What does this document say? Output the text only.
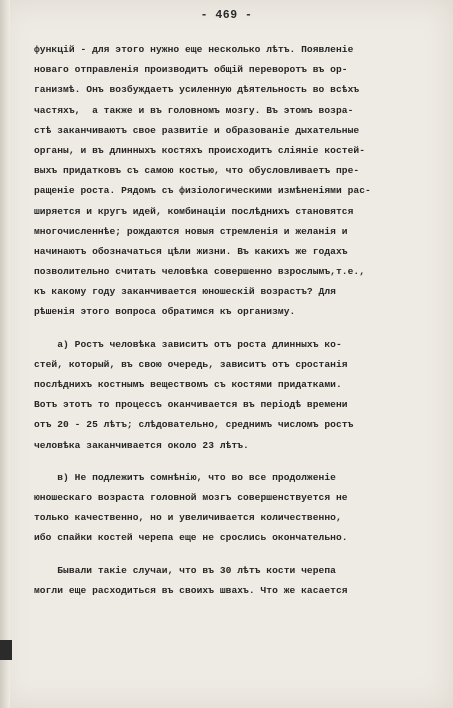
- 469 -
функцій - для этого нужно еще несколько лѣтъ. Появленіе
новаго отправленія производитъ общій переворотъ въ ор-
ганизмѣ. Онъ возбуждаетъ усиленную дѣятельность во всѣхъ
частяхъ,  а также и въ головномъ мозгу. Въ этомъ возра-
стѣ заканчиваютъ свое развитіе и образованіе дыхательные
органы, и въ длинныхъ костяхъ происходитъ сліяніе костей-
выхъ придатковъ съ самою костью, что обусловливаетъ пре-
ращеніе роста. Рядомъ съ физіологическими измѣненіями рас-
ширяется и кругъ идей, комбинаціи послѣднихъ становятся
многочисленнѣе; рождаются новыя стремленія и желанія и
начинаютъ обозначаться цѣли жизни. Въ какихъ же годахъ
позволительно считать человѣка совершенно взрослымъ,т.е.,
къ какому году заканчивается юношескій возрастъ? Для
рѣшенія этого вопроса обратимся къ организму.
а) Ростъ человѣка зависитъ отъ роста длинныхъ ко-
стей, который, въ свою очередь, зависитъ отъ сростанія
послѣднихъ костнымъ веществомъ съ костями придатками.
Вотъ этотъ то процессъ оканчивается въ періодѣ времени
отъ 20 - 25 лѣтъ; слѣдовательно, среднимъ числомъ ростъ
человѣка заканчивается около 23 лѣтъ.
в) Не подлежитъ сомнѣнію, что во все продолженіе
юношескаго возраста головной мозгъ совершенствуется не
только качественно, но и увеличивается количественно,
ибо спайки костей черепа еще не срослись окончательно.
Бывали такіе случаи, что въ 30 лѣтъ кости черепа
могли еще расходиться въ своихъ швахъ. Что же касается
